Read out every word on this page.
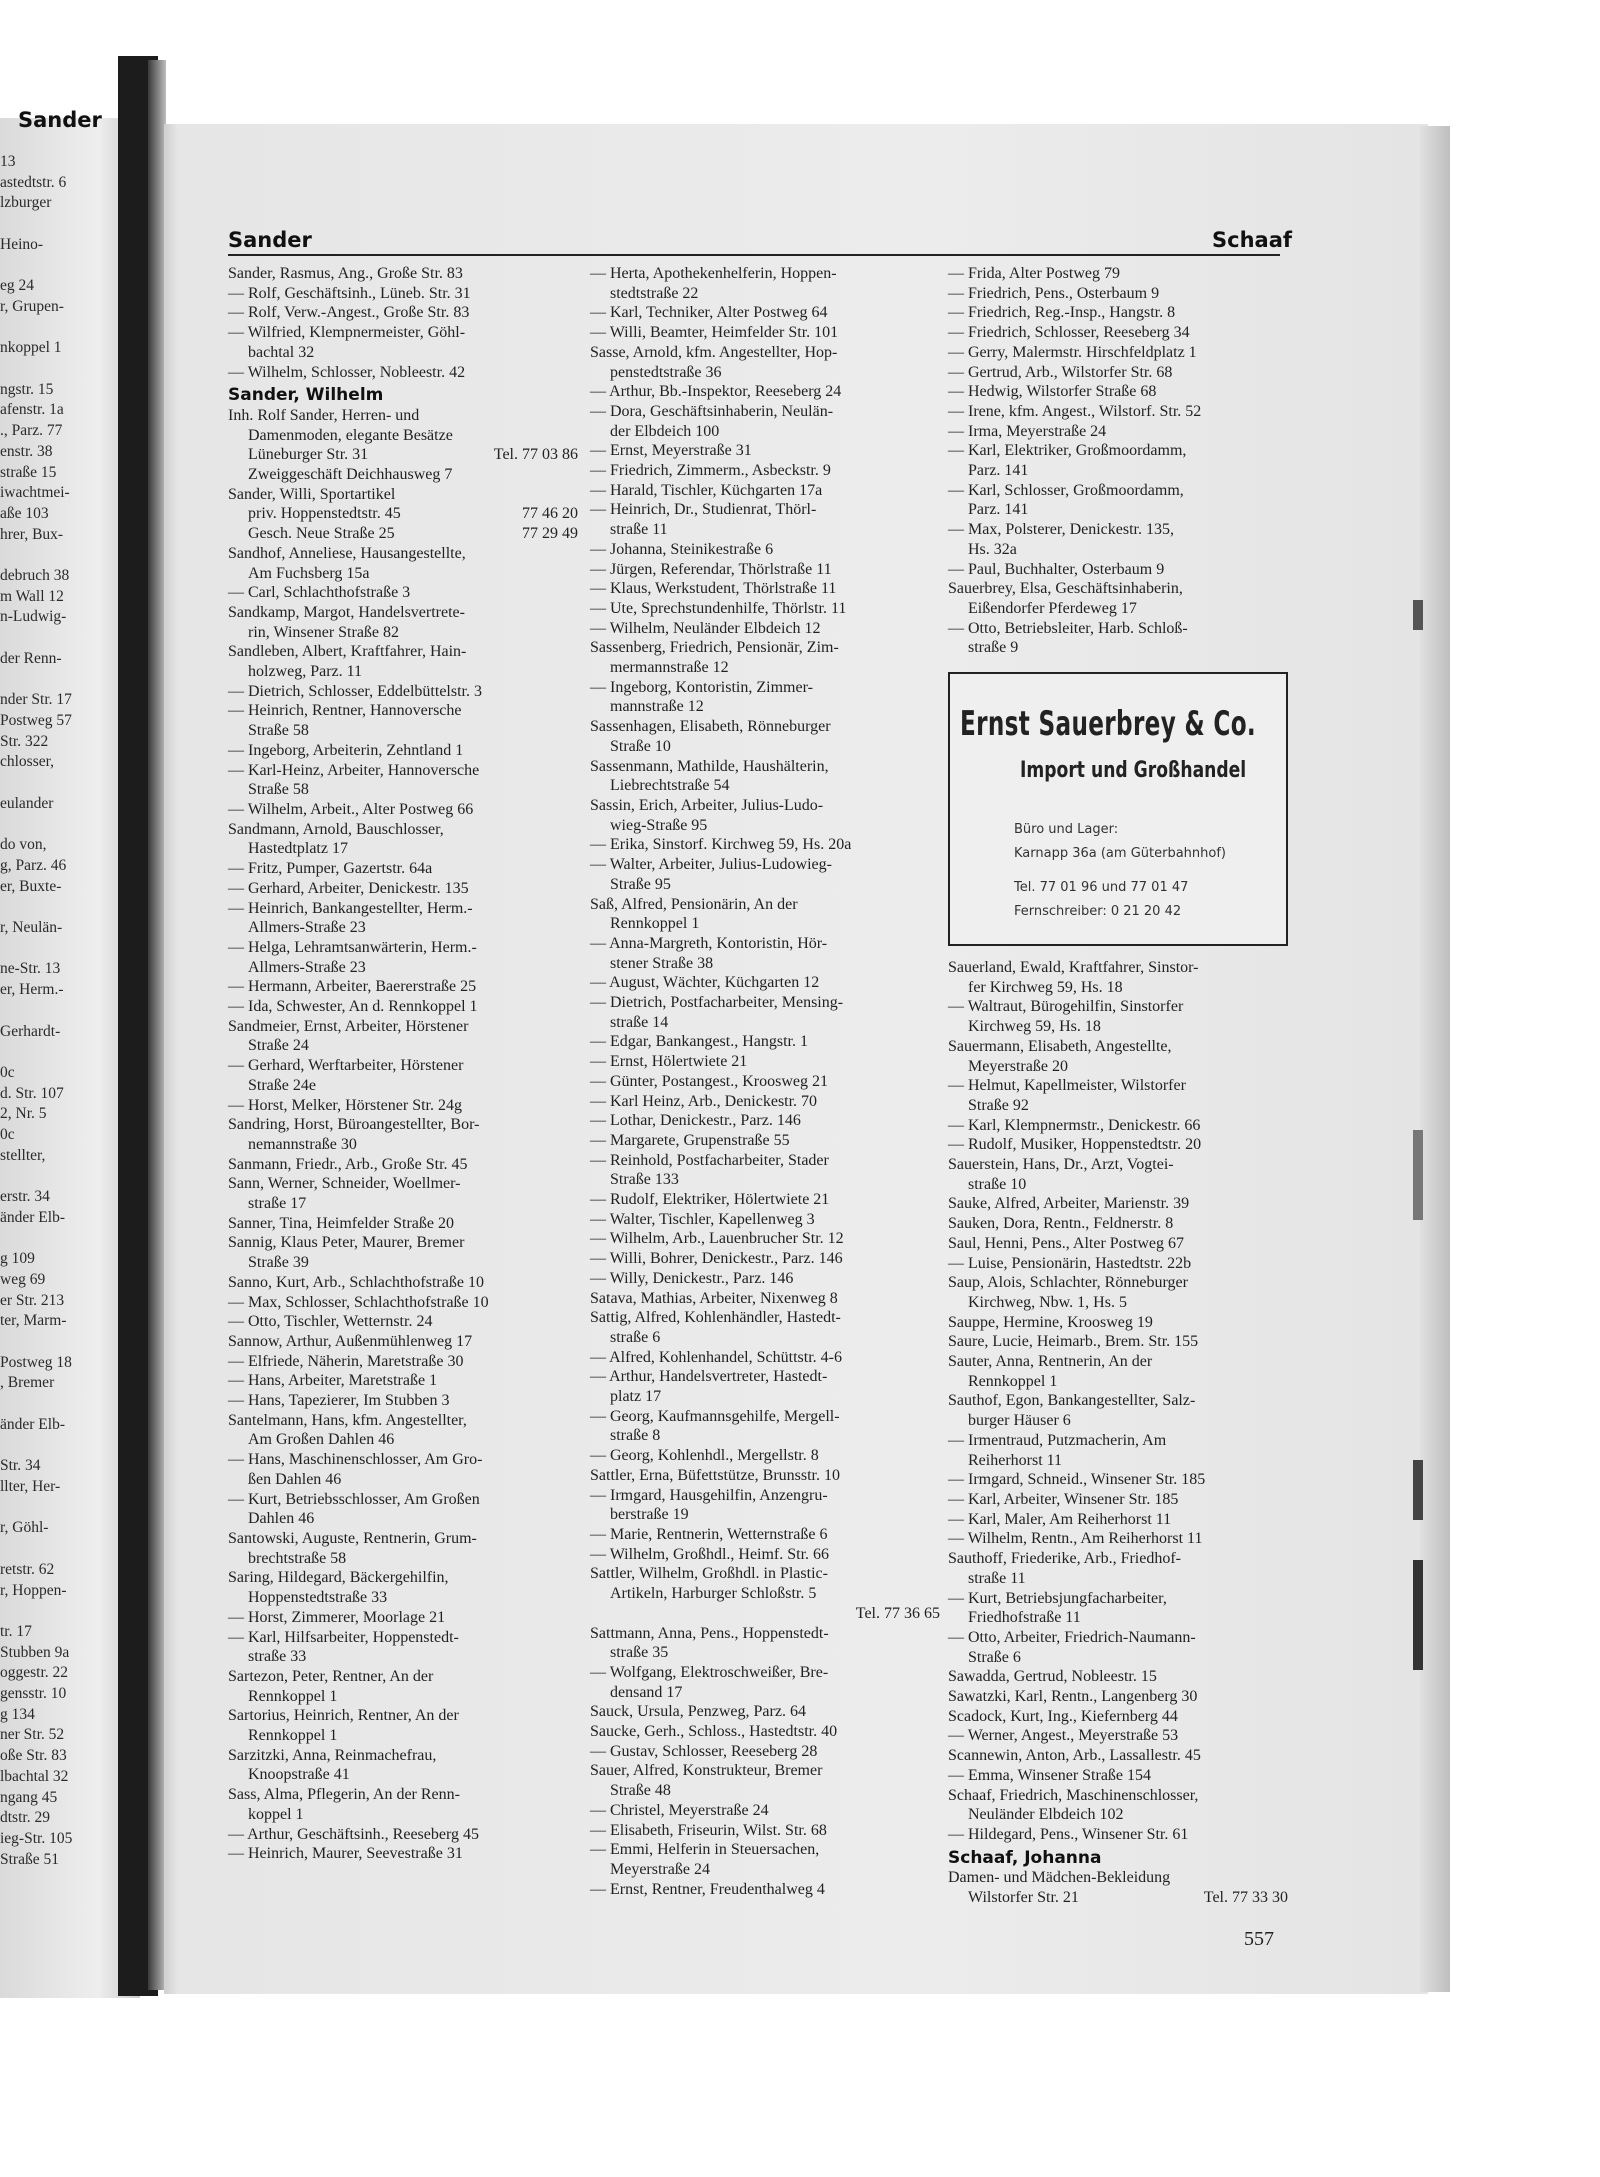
Sander
13
astedtstr. 6
lzburger

Heino-

eg 24
r, Grupen-

nkoppel 1

ngstr. 15
afenstr. 1a
., Parz. 77
enstr. 38
straße 15
iwachtmei-
aße 103
hrer, Bux-

debruch 38
m Wall 12
n-Ludwig-

der Renn-

nder Str. 17
Postweg 57
Str. 322
chlosser,

eulander

do von,
g, Parz. 46
er, Buxte-

r, Neulän-

ne-Str. 13
er, Herm.-

Gerhardt-

0c
d. Str. 107
2, Nr. 5
0c
stellter,

erstr. 34
änder Elb-

g 109
weg 69
er Str. 213
ter, Marm-

Postweg 18
, Bremer

änder Elb-

Str. 34
llter, Her-

r, Göhl-

retstr. 62
r, Hoppen-

tr. 17
Stubben 9a
oggestr. 22
gensstr. 10
g 134
ner Str. 52
oße Str. 83
lbachtal 32
ngang 45
dtstr. 29
ieg-Str. 105
Straße 51
Sander	Schaaf
Sander, Rasmus, Ang., Große Str. 83
— Rolf, Geschäftsinh., Lüneb. Str. 31
— Rolf, Verw.-Angest., Große Str. 83
— Wilfried, Klempnermeister, Göhl-
bachtal 32
— Wilhelm, Schlosser, Nobleestr. 42
Sander, Wilhelm
Inh. Rolf Sander, Herren- und
Damenmoden, elegante Besätze
Lüneburger Str. 31	Tel. 77 03 86
Zweiggeschäft Deichhausweg 7
Sander, Willi, Sportartikel
priv. Hoppenstedtstr. 45	77 46 20
Gesch. Neue Straße 25	77 29 49
Sandhof, Anneliese, Hausangestellte,
Am Fuchsberg 15a
— Carl, Schlachthofstraße 3
Sandkamp, Margot, Handelsvertrete-
rin, Winsener Straße 82
Sandleben, Albert, Kraftfahrer, Hain-
holzweg, Parz. 11
— Dietrich, Schlosser, Eddelbüttelstr. 3
— Heinrich, Rentner, Hannoversche
Straße 58
— Ingeborg, Arbeiterin, Zehntland 1
— Karl-Heinz, Arbeiter, Hannoversche
Straße 58
— Wilhelm, Arbeit., Alter Postweg 66
Sandmann, Arnold, Bauschlosser,
Hastedtplatz 17
— Fritz, Pumper, Gazertstr. 64a
— Gerhard, Arbeiter, Denickestr. 135
— Heinrich, Bankangestellter, Herm.-
Allmers-Straße 23
— Helga, Lehramtsanwärterin, Herm.-
Allmers-Straße 23
— Hermann, Arbeiter, Baererstraße 25
— Ida, Schwester, An d. Rennkoppel 1
Sandmeier, Ernst, Arbeiter, Hörstener
Straße 24
— Gerhard, Werftarbeiter, Hörstener
Straße 24e
— Horst, Melker, Hörstener Str. 24g
Sandring, Horst, Büroangestellter, Bor-
nemannstraße 30
Sanmann, Friedr., Arb., Große Str. 45
Sann, Werner, Schneider, Woellmer-
straße 17
Sanner, Tina, Heimfelder Straße 20
Sannig, Klaus Peter, Maurer, Bremer
Straße 39
Sanno, Kurt, Arb., Schlachthofstraße 10
— Max, Schlosser, Schlachthofstraße 10
— Otto, Tischler, Wetternstr. 24
Sannow, Arthur, Außenmühlenweg 17
— Elfriede, Näherin, Maretstraße 30
— Hans, Arbeiter, Maretstraße 1
— Hans, Tapezierer, Im Stubben 3
Santelmann, Hans, kfm. Angestellter,
Am Großen Dahlen 46
— Hans, Maschinenschlosser, Am Gro-
ßen Dahlen 46
— Kurt, Betriebsschlosser, Am Großen
Dahlen 46
Santowski, Auguste, Rentnerin, Grum-
brechtstraße 58
Saring, Hildegard, Bäckergehilfin,
Hoppenstedtstraße 33
— Horst, Zimmerer, Moorlage 21
— Karl, Hilfsarbeiter, Hoppenstedt-
straße 33
Sartezon, Peter, Rentner, An der
Rennkoppel 1
Sartorius, Heinrich, Rentner, An der
Rennkoppel 1
Sarzitzki, Anna, Reinmachefrau,
Knoopstraße 41
Sass, Alma, Pflegerin, An der Renn-
koppel 1
— Arthur, Geschäftsinh., Reeseberg 45
— Heinrich, Maurer, Seevestraße 31
— Herta, Apothekenhelferin, Hoppen-
stedtstraße 22
— Karl, Techniker, Alter Postweg 64
— Willi, Beamter, Heimfelder Str. 101
Sasse, Arnold, kfm. Angestellter, Hop-
penstedtstraße 36
— Arthur, Bb.-Inspektor, Reeseberg 24
— Dora, Geschäftsinhaberin, Neulän-
der Elbdeich 100
— Ernst, Meyerstraße 31
— Friedrich, Zimmerm., Asbeckstr. 9
— Harald, Tischler, Küchgarten 17a
— Heinrich, Dr., Studienrat, Thörl-
straße 11
— Johanna, Steinikestraße 6
— Jürgen, Referendar, Thörlstraße 11
— Klaus, Werkstudent, Thörlstraße 11
— Ute, Sprechstundenhilfe, Thörlstr. 11
— Wilhelm, Neuländer Elbdeich 12
Sassenberg, Friedrich, Pensionär, Zim-
mermannstraße 12
— Ingeborg, Kontoristin, Zimmer-
mannstraße 12
Sassenhagen, Elisabeth, Rönneburger
Straße 10
Sassenmann, Mathilde, Haushälterin,
Liebrechtstraße 54
Sassin, Erich, Arbeiter, Julius-Ludo-
wieg-Straße 95
— Erika, Sinstorf. Kirchweg 59, Hs. 20a
— Walter, Arbeiter, Julius-Ludowieg-
Straße 95
Saß, Alfred, Pensionärin, An der
Rennkoppel 1
— Anna-Margreth, Kontoristin, Hör-
stener Straße 38
— August, Wächter, Küchgarten 12
— Dietrich, Postfacharbeiter, Mensing-
straße 14
— Edgar, Bankangest., Hangstr. 1
— Ernst, Hölertwiete 21
— Günter, Postangest., Kroosweg 21
— Karl Heinz, Arb., Denickestr. 70
— Lothar, Denickestr., Parz. 146
— Margarete, Grupenstraße 55
— Reinhold, Postfacharbeiter, Stader
Straße 133
— Rudolf, Elektriker, Hölertwiete 21
— Walter, Tischler, Kapellenweg 3
— Wilhelm, Arb., Lauenbrucher Str. 12
— Willi, Bohrer, Denickestr., Parz. 146
— Willy, Denickestr., Parz. 146
Satava, Mathias, Arbeiter, Nixenweg 8
Sattig, Alfred, Kohlenhändler, Hastedt-
straße 6
— Alfred, Kohlenhandel, Schüttstr. 4-6
— Arthur, Handelsvertreter, Hastedt-
platz 17
— Georg, Kaufmannsgehilfe, Mergell-
straße 8
— Georg, Kohlenhdl., Mergellstr. 8
Sattler, Erna, Büfettstütze, Brunsstr. 10
— Irmgard, Hausgehilfin, Anzengru-
berstraße 19
— Marie, Rentnerin, Wetternstraße 6
— Wilhelm, Großhdl., Heimf. Str. 66
Sattler, Wilhelm, Großhdl. in Plastic-
Artikeln, Harburger Schloßstr. 5
Tel. 77 36 65
Sattmann, Anna, Pens., Hoppenstedt-
straße 35
— Wolfgang, Elektroschweißer, Bre-
densand 17
Sauck, Ursula, Penzweg, Parz. 64
Saucke, Gerh., Schloss., Hastedtstr. 40
— Gustav, Schlosser, Reeseberg 28
Sauer, Alfred, Konstrukteur, Bremer
Straße 48
— Christel, Meyerstraße 24
— Elisabeth, Friseurin, Wilst. Str. 68
— Emmi, Helferin in Steuersachen,
Meyerstraße 24
— Ernst, Rentner, Freudenthalweg 4
— Frida, Alter Postweg 79
— Friedrich, Pens., Osterbaum 9
— Friedrich, Reg.-Insp., Hangstr. 8
— Friedrich, Schlosser, Reeseberg 34
— Gerry, Malermstr. Hirschfeldplatz 1
— Gertrud, Arb., Wilstorfer Str. 68
— Hedwig, Wilstorfer Straße 68
— Irene, kfm. Angest., Wilstorf. Str. 52
— Irma, Meyerstraße 24
— Karl, Elektriker, Großmoordamm,
Parz. 141
— Karl, Schlosser, Großmoordamm,
Parz. 141
— Max, Polsterer, Denickestr. 135,
Hs. 32a
— Paul, Buchhalter, Osterbaum 9
Sauerbrey, Elsa, Geschäftsinhaberin,
Eißendorfer Pferdeweg 17
— Otto, Betriebsleiter, Harb. Schloß-
straße 9
Sauerland, Ewald, Kraftfahrer, Sinstor-
fer Kirchweg 59, Hs. 18
— Waltraut, Bürogehilfin, Sinstorfer
Kirchweg 59, Hs. 18
Sauermann, Elisabeth, Angestellte,
Meyerstraße 20
— Helmut, Kapellmeister, Wilstorfer
Straße 92
— Karl, Klempnermstr., Denickestr. 66
— Rudolf, Musiker, Hoppenstedtstr. 20
Sauerstein, Hans, Dr., Arzt, Vogtei-
straße 10
Sauke, Alfred, Arbeiter, Marienstr. 39
Sauken, Dora, Rentn., Feldnerstr. 8
Saul, Henni, Pens., Alter Postweg 67
— Luise, Pensionärin, Hastedtstr. 22b
Saup, Alois, Schlachter, Rönneburger
Kirchweg, Nbw. 1, Hs. 5
Sauppe, Hermine, Kroosweg 19
Saure, Lucie, Heimarb., Brem. Str. 155
Sauter, Anna, Rentnerin, An der
Rennkoppel 1
Sauthof, Egon, Bankangestellter, Salz-
burger Häuser 6
— Irmentraud, Putzmacherin, Am
Reiherhorst 11
— Irmgard, Schneid., Winsener Str. 185
— Karl, Arbeiter, Winsener Str. 185
— Karl, Maler, Am Reiherhorst 11
— Wilhelm, Rentn., Am Reiherhorst 11
Sauthoff, Friederike, Arb., Friedhof-
straße 11
— Kurt, Betriebsjungfacharbeiter,
Friedhofstraße 11
— Otto, Arbeiter, Friedrich-Naumann-
Straße 6
Sawadda, Gertrud, Nobleestr. 15
Sawatzki, Karl, Rentn., Langenberg 30
Scadock, Kurt, Ing., Kiefernberg 44
— Werner, Angest., Meyerstraße 53
Scannewin, Anton, Arb., Lassallestr. 45
— Emma, Winsener Straße 154
Schaaf, Friedrich, Maschinenschlosser,
Neuländer Elbdeich 102
— Hildegard, Pens., Winsener Str. 61
Schaaf, Johanna
Damen- und Mädchen-Bekleidung
Wilstorfer Str. 21	Tel. 77 33 30
Ernst Sauerbrey & Co.
Import und Großhandel
Büro und Lager:
Karnapp 36a (am Güterbahnhof)
Tel. 77 01 96 und 77 01 47
Fernschreiber: 0 21 20 42
557
